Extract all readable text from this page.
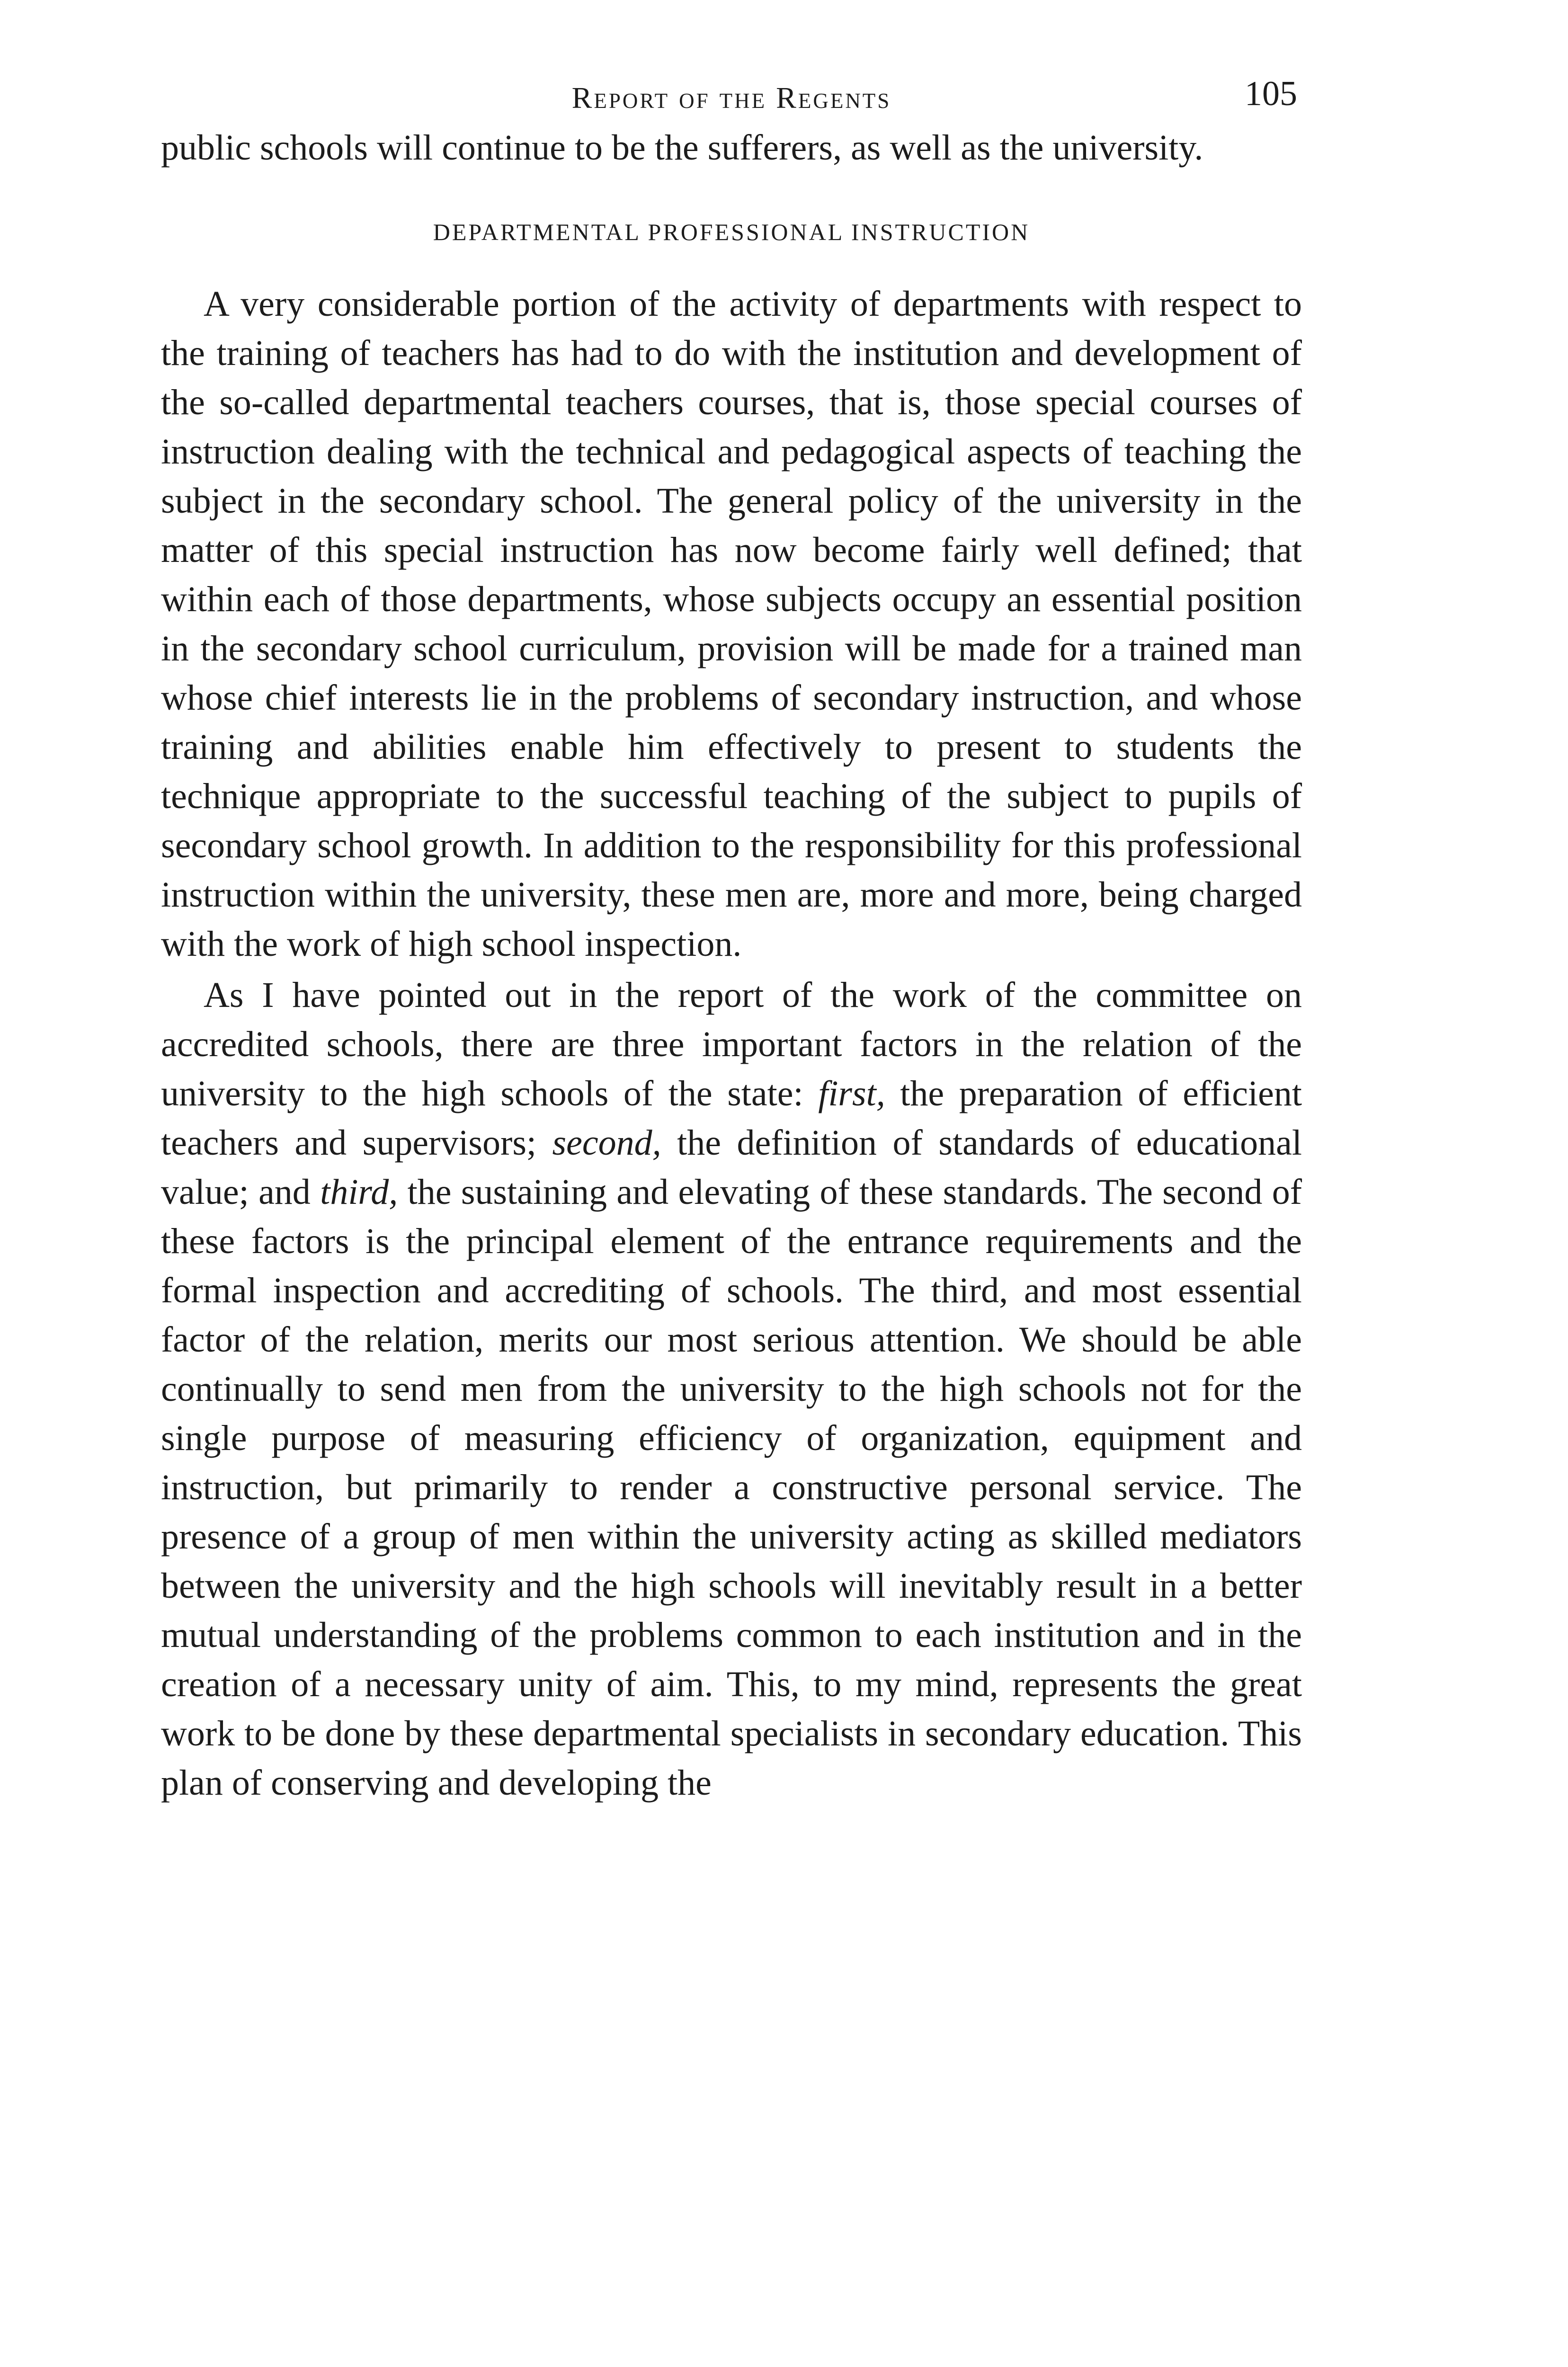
Report of the Regents	105

public schools will continue to be the sufferers, as well as the university.

DEPARTMENTAL PROFESSIONAL INSTRUCTION

A very considerable portion of the activity of departments with respect to the training of teachers has had to do with the institution and development of the so-called departmental teachers courses, that is, those special courses of instruction dealing with the technical and pedagogical aspects of teaching the subject in the secondary school. The general policy of the university in the matter of this special instruction has now become fairly well defined; that within each of those departments, whose subjects occupy an essential position in the secondary school curriculum, provision will be made for a trained man whose chief interests lie in the problems of secondary instruction, and whose training and abilities enable him effectively to present to students the technique appropriate to the successful teaching of the subject to pupils of secondary school growth. In addition to the responsibility for this professional instruction within the university, these men are, more and more, being charged with the work of high school inspection.

As I have pointed out in the report of the work of the committee on accredited schools, there are three important factors in the relation of the university to the high schools of the state: first, the preparation of efficient teachers and supervisors; second, the definition of standards of educational value; and third, the sustaining and elevating of these standards. The second of these factors is the principal element of the entrance requirements and the formal inspection and accrediting of schools. The third, and most essential factor of the relation, merits our most serious attention. We should be able continually to send men from the university to the high schools not for the single purpose of measuring efficiency of organization, equipment and instruction, but primarily to render a constructive personal service. The presence of a group of men within the university acting as skilled mediators between the university and the high schools will inevitably result in a better mutual understanding of the problems common to each institution and in the creation of a necessary unity of aim. This, to my mind, represents the great work to be done by these departmental specialists in secondary education. This plan of conserving and developing the
